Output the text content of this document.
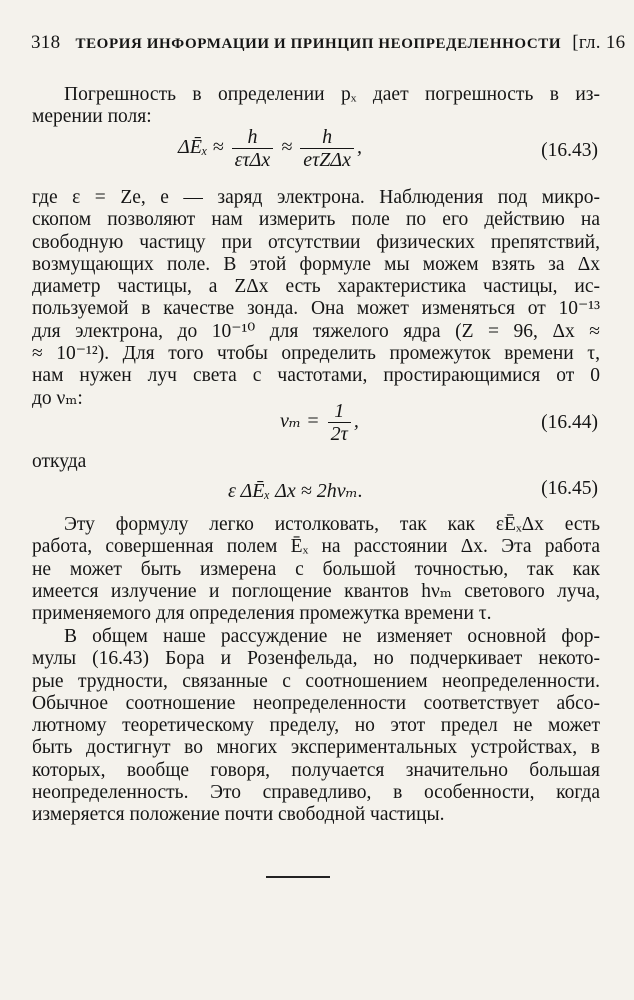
318 ТЕОРИЯ ИНФОРМАЦИИ И ПРИНЦИП НЕОПРЕДЕЛЕННОСТИ [гл. 16
Погрешность в определении pₓ дает погрешность в из-
мерении поля:
ΔĒₓ ≈ $\frac{h}{\text{ετΔx}} \approx \frac{h}{\text{eτZΔx}}$ ,	(16.43)
где ε = Ze, e — заряд электрона. Наблюдения под микро-
скопом позволяют нам измерить поле по его действию на
свободную частицу при отсутствии физических препятствий,
возмущающих поле. В этой формуле мы можем взять за Δx
диаметр частицы, а ZΔx есть характеристика частицы, ис-
пользуемой в качестве зонда. Она может изменяться от 10⁻¹³
для электрона, до 10⁻¹⁰ для тяжелого ядра (Z = 96, Δx ≈
≈ 10⁻¹²). Для того чтобы определить промежуток времени τ,
нам нужен луч света с частотами, простирающимися от 0
до νₘ:
$\nu_m = \frac{1}{2\tau}$ ,	(16.44)
откуда
ε ΔĒₓ Δx ≈ 2hνₘ.	(16.45)
Эту формулу легко истолковать, так как εĒₓΔx есть
работа, совершенная полем Ēₓ на расстоянии Δx. Эта работа
не может быть измерена с большой точностью, так как
имеется излучение и поглощение квантов hνₘ светового луча,
применяемого для определения промежутка времени τ.
В общем наше рассуждение не изменяет основной фор-
мулы (16.43) Бора и Розенфельда, но подчеркивает некото-
рые трудности, связанные с соотношением неопределенности.
Обычное соотношение неопределенности соответствует абсо-
лютному теоретическому пределу, но этот предел не может
быть достигнут во многих экспериментальных устройствах, в
которых, вообще говоря, получается значительно большая
неопределенность. Это справедливо, в особенности, когда
измеряется положение почти свободной частицы.
